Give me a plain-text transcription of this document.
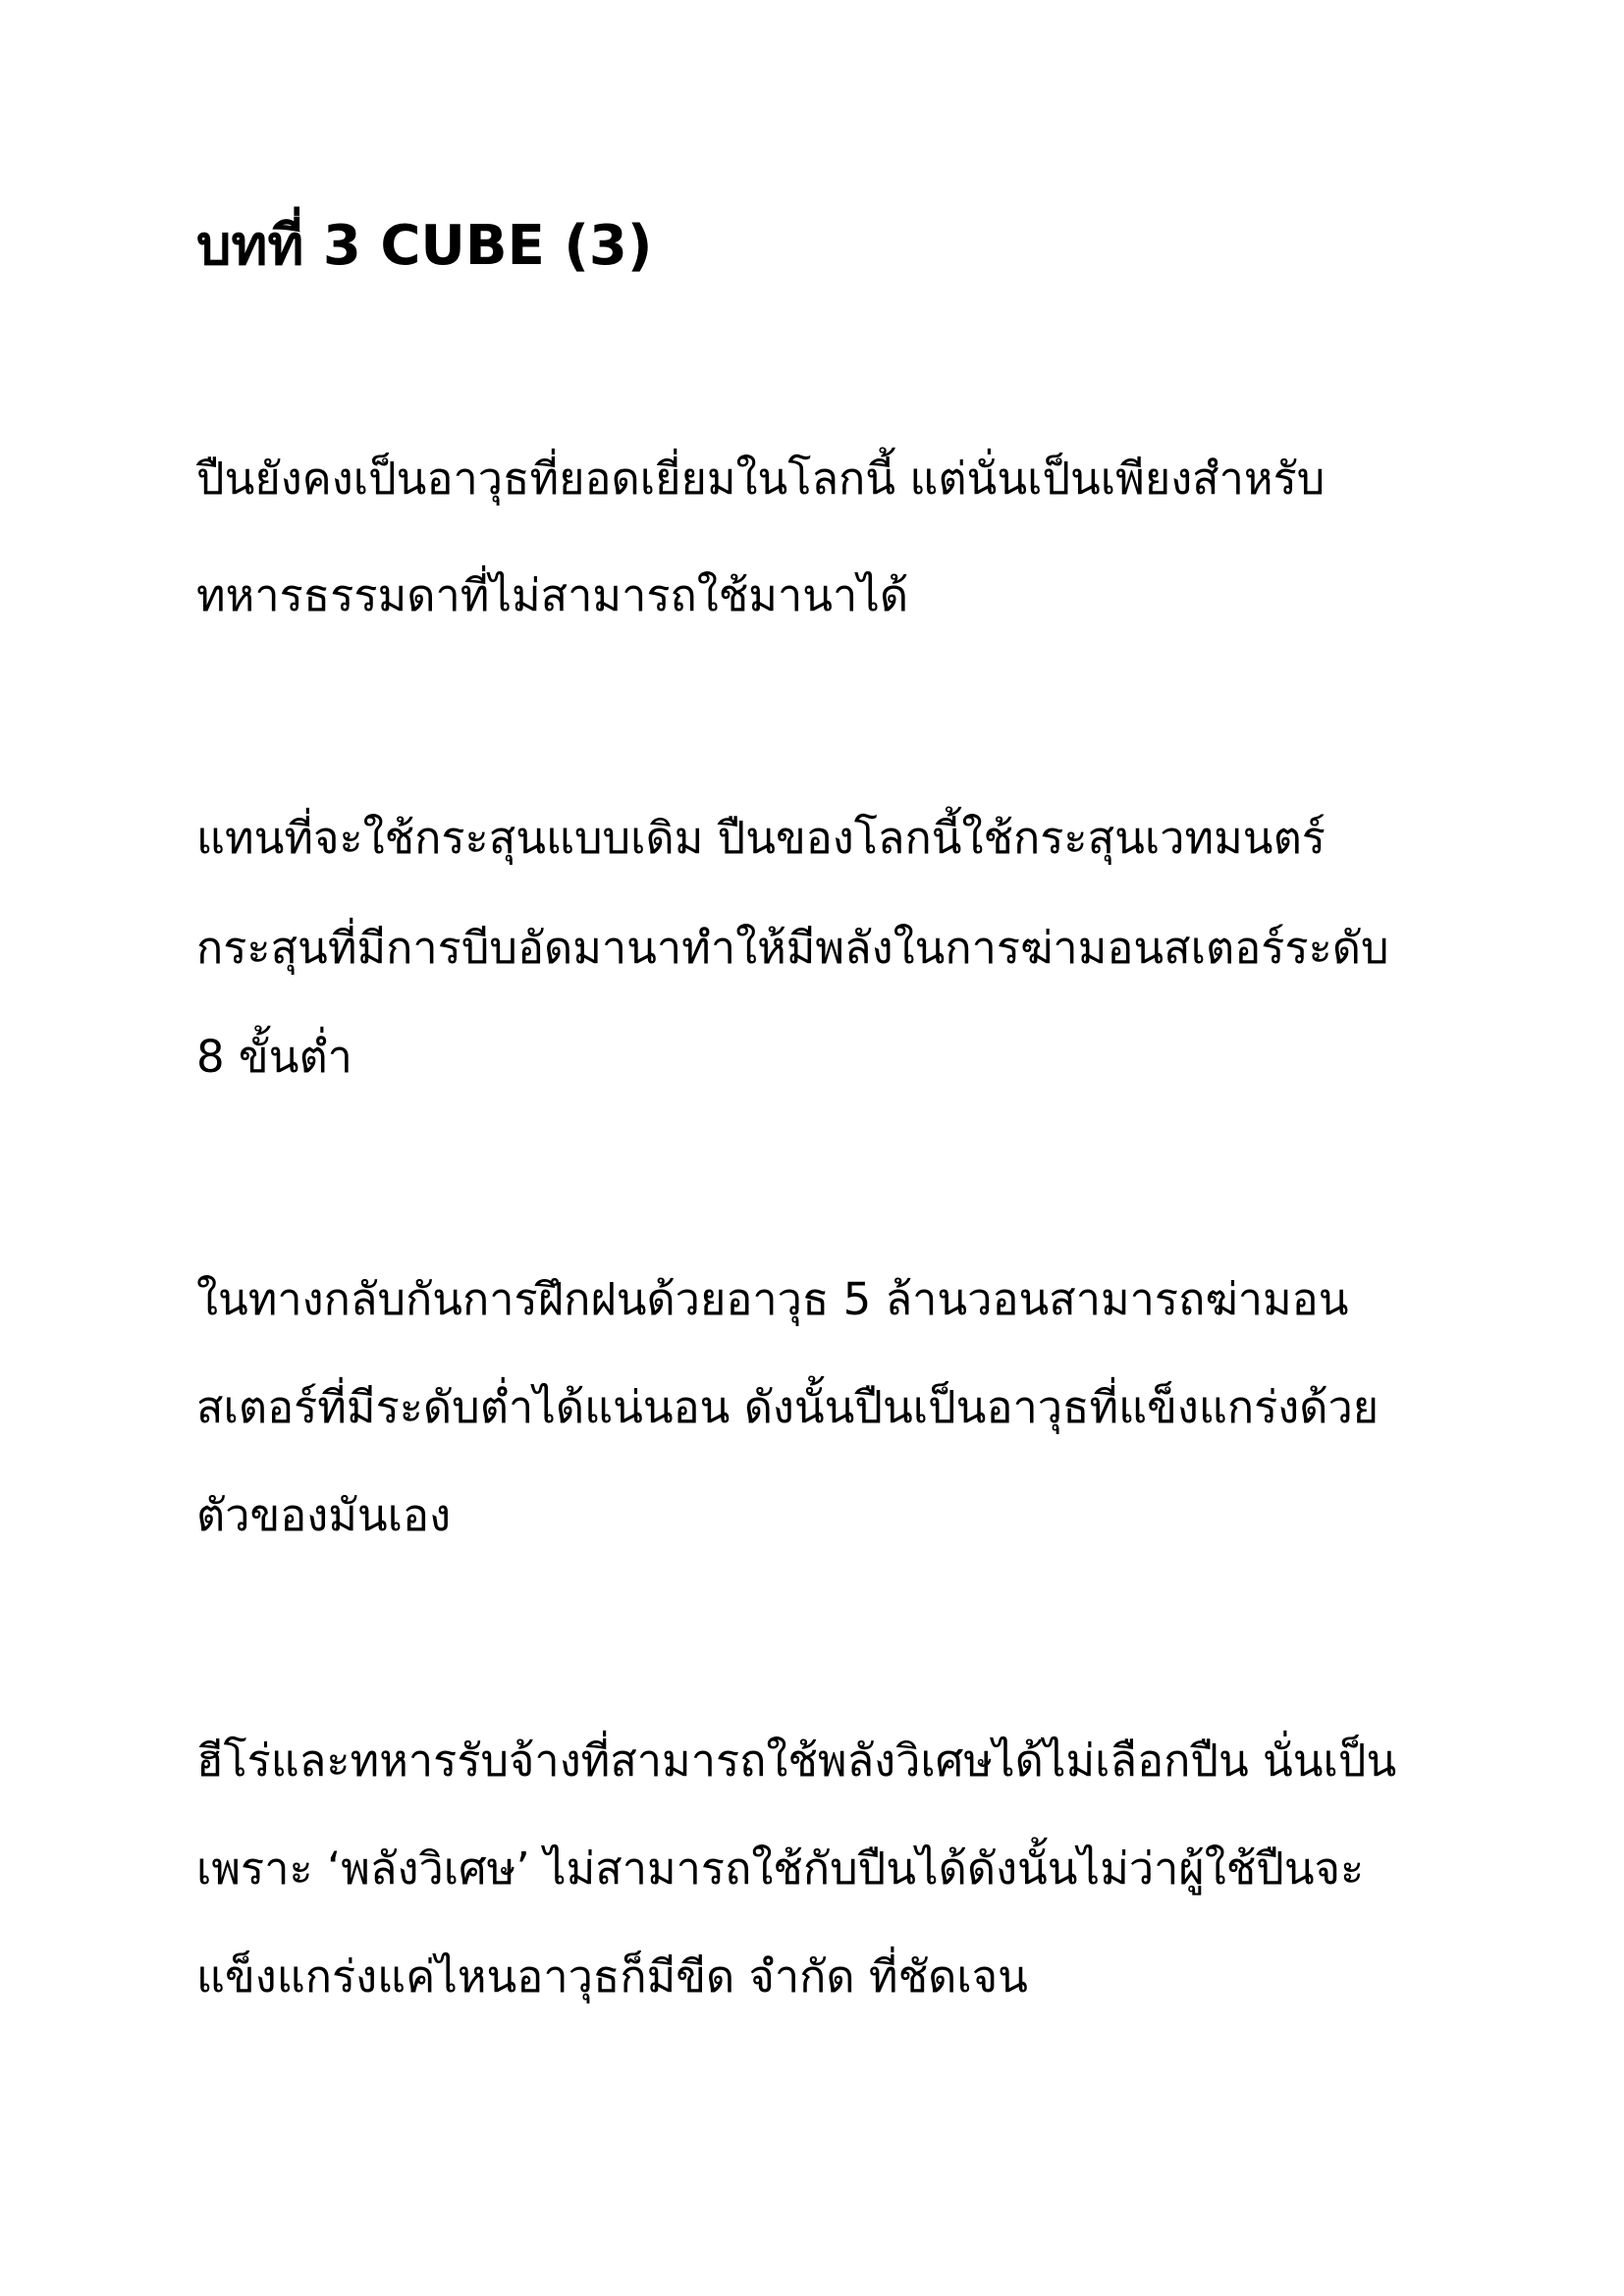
บทที่ 3 CUBE (3)

ปืนยังคงเป็นอาวุธที่ยอดเยี่ยมในโลกนี้ แต่นั่นเป็นเพียงสำหรับ

ทหารธรรมดาที่ไม่สามารถใช้มานาได้

แทนที่จะใช้กระสุนแบบเดิม ปืนของโลกนี้ใช้กระสุนเวทมนตร์

กระสุนที่มีการบีบอัดมานาทำให้มีพลังในการฆ่ามอนสเตอร์ระดับ

8 ขั้นต่ำ

ในทางกลับกันการฝึกฝนด้วยอาวุธ 5 ล้านวอนสามารถฆ่ามอน

สเตอร์ที่มีระดับต่ำได้แน่นอน ดังนั้นปืนเป็นอาวุธที่แข็งแกร่งด้วย

ตัวของมันเอง

ฮีโร่และทหารรับจ้างที่สามารถใช้พลังวิเศษได้ไม่เลือกปืน นั่นเป็น

เพราะ ‘พลังวิเศษ’ ไม่สามารถใช้กับปืนได้ดังนั้นไม่ว่าผู้ใช้ปืนจะ

แข็งแกร่งแค่ไหนอาวุธก็มีขีด จำกัด ที่ชัดเจน
